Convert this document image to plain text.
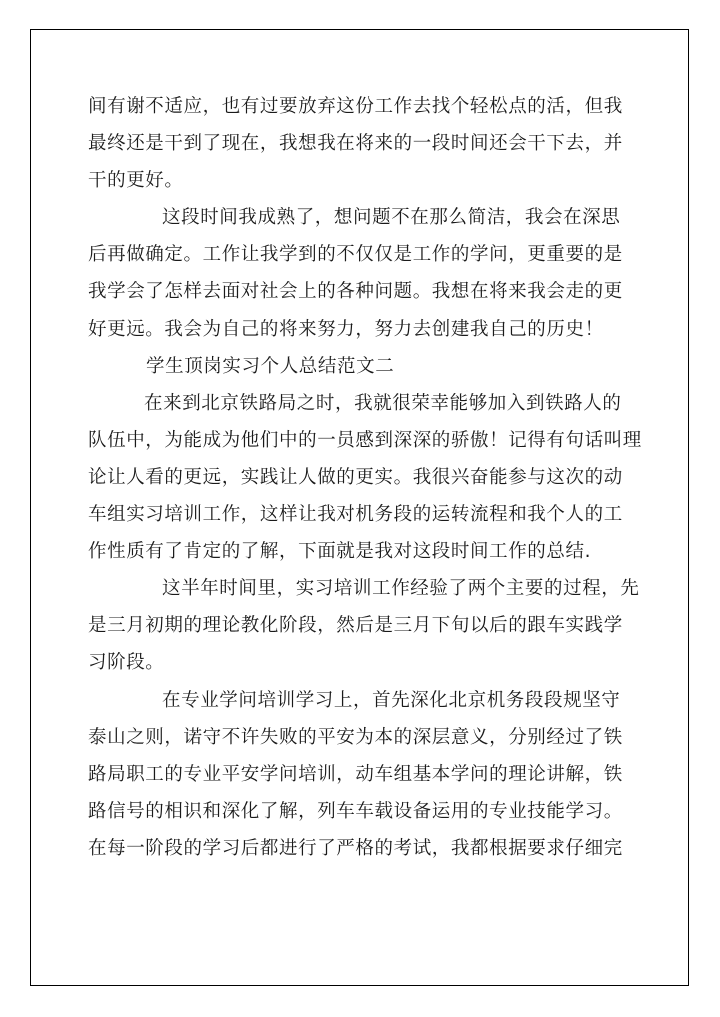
间有谢不适应，也有过要放弃这份工作去找个轻松点的活，但我
最终还是干到了现在，我想我在将来的一段时间还会干下去，并
干的更好。
这段时间我成熟了，想问题不在那么简洁，我会在深思
后再做确定。工作让我学到的不仅仅是工作的学问，更重要的是
我学会了怎样去面对社会上的各种问题。我想在将来我会走的更
好更远。我会为自己的将来努力，努力去创建我自己的历史！
学生顶岗实习个人总结范文二
在来到北京铁路局之时，我就很荣幸能够加入到铁路人的
队伍中，为能成为他们中的一员感到深深的骄傲！记得有句话叫理
论让人看的更远，实践让人做的更实。我很兴奋能参与这次的动
车组实习培训工作，这样让我对机务段的运转流程和我个人的工
作性质有了肯定的了解，下面就是我对这段时间工作的总结.
这半年时间里，实习培训工作经验了两个主要的过程，先
是三月初期的理论教化阶段，然后是三月下旬以后的跟车实践学
习阶段。
在专业学问培训学习上，首先深化北京机务段段规坚守
泰山之则，诺守不许失败的平安为本的深层意义，分别经过了铁
路局职工的专业平安学问培训，动车组基本学问的理论讲解，铁
路信号的相识和深化了解，列车车载设备运用的专业技能学习。
在每一阶段的学习后都进行了严格的考试，我都根据要求仔细完
